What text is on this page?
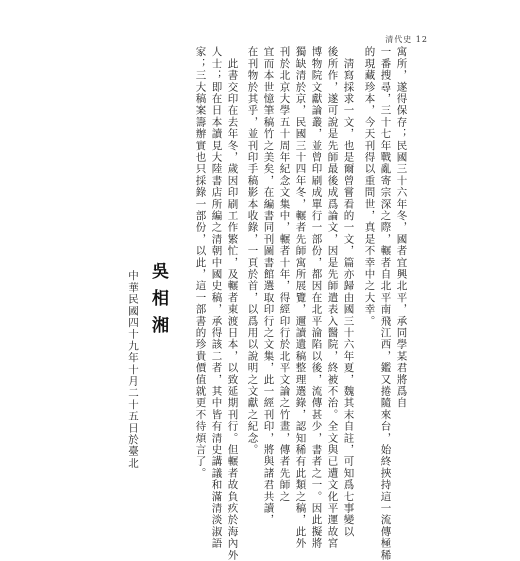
清代史 12
寓所，遂得保存；民國三十六年冬，國者宜興北平，承同學某君將爲自
一番搜尋，三十七年戰亂寄宗深之際，輾者自北平南飛江西，鑑又捲隨來台，始終挾持這一流傳極稀
的現藏珍本，今天刊得以重問世，真是不幸中之大幸。
　淸寫採求一文，也是爾曾嘗看的一文，篇亦歸由國三十六年夏，魏其末自註，可知爲七事變以
後所作，遂可說是先師最後成爲論文，因是先師遣表入醫院，終被不治。全文與已遭文化平運故宮
博物院文獻論叢，並曾印刷成單行一部份，都因在北平淪陷以後，流傳甚少，書者之一。因此擬將
獨缺清於京，民國三十四年冬，輾者先師寓所展覽，邇讀遺稿整理選錄，認知稀有此類之稿，此外
刊於北京大學五十周年紀念文集中，輾者十年，得經印行於北平文論之竹畫，傳者先師之
宜而本世憶筆稿竹之美矣，在編書同刊圖書館選取印行之文集，此一經刊印，將與諸君共讀，
在刊物於其乎，並刊印手稿影本收錄，一頁於首，以爲用以說明之文獻之紀念。
　此書交印在去年冬，歲因印刷工作繁忙，及輾者東渡日本，以致延期刊行。但輾者故負疚於海內外
人士；即在日本讀見大陸書店所編之清朝中國史稿，承得該二者，其中皆有清史講議和滿清淡淑語
家；三大稿案籌辦實也只採錄一部份，以此，這一部書的珍貴價值就更不待煩言了。
吳相湘
中華民國四十九年十月二十五日於臺北
